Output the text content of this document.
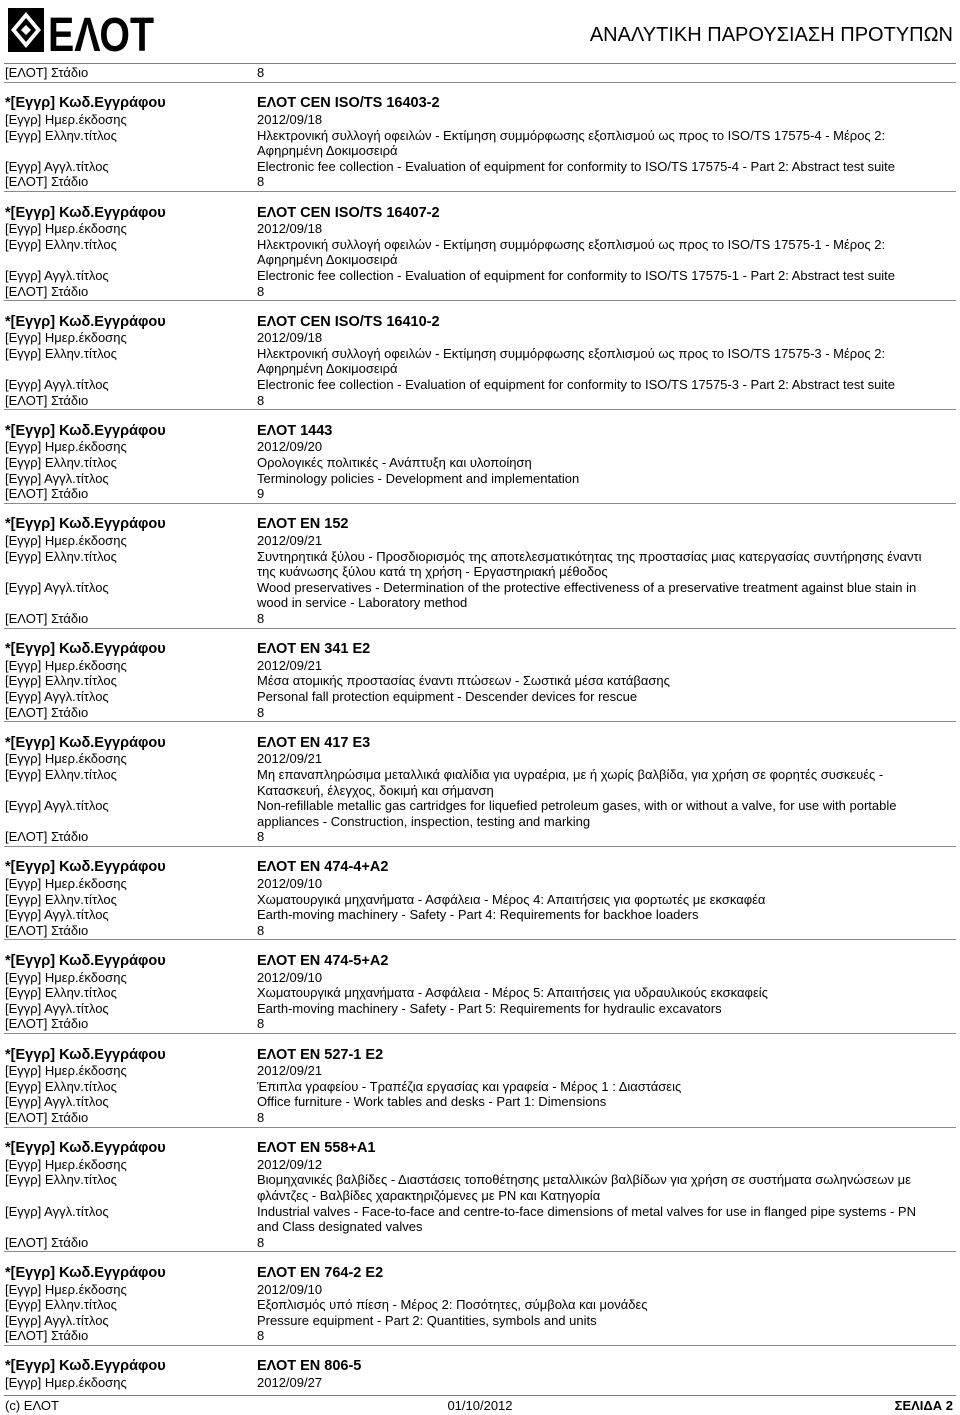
ΕΛΟΤ	ΑΝΑΛΥΤΙΚΗ ΠΑΡΟΥΣΙΑΣΗ ΠΡΟΤΥΠΩΝ
[ΕΛΟΤ] Στάδιο	8
*[Εγγρ] Κωδ.Εγγράφου	ΕΛΟΤ CEN ISO/TS 16403-2
[Εγγρ] Ημερ.έκδοσης	2012/09/18
[Εγγρ] Ελλην.τίτλος	Ηλεκτρονική συλλογή οφειλών - Εκτίμηση συμμόρφωσης εξοπλισμού ως προς το ISO/TS 17575-4 - Μέρος 2:
Αφηρημένη Δοκιμοσειρά
[Εγγρ] Αγγλ.τίτλος	Electronic fee collection - Evaluation of equipment for conformity to ISO/TS 17575-4 - Part 2: Abstract test suite
[ΕΛΟΤ] Στάδιο	8
*[Εγγρ] Κωδ.Εγγράφου	ΕΛΟΤ CEN ISO/TS 16407-2
[Εγγρ] Ημερ.έκδοσης	2012/09/18
[Εγγρ] Ελλην.τίτλος	Ηλεκτρονική συλλογή οφειλών - Εκτίμηση συμμόρφωσης εξοπλισμού ως προς το ISO/TS 17575-1 - Μέρος 2:
Αφηρημένη Δοκιμοσειρά
[Εγγρ] Αγγλ.τίτλος	Electronic fee collection - Evaluation of equipment for conformity to ISO/TS 17575-1 - Part 2: Abstract test suite
[ΕΛΟΤ] Στάδιο	8
*[Εγγρ] Κωδ.Εγγράφου	ΕΛΟΤ CEN ISO/TS 16410-2
[Εγγρ] Ημερ.έκδοσης	2012/09/18
[Εγγρ] Ελλην.τίτλος	Ηλεκτρονική συλλογή οφειλών - Εκτίμηση συμμόρφωσης εξοπλισμού ως προς το ISO/TS 17575-3 - Μέρος 2:
Αφηρημένη Δοκιμοσειρά
[Εγγρ] Αγγλ.τίτλος	Electronic fee collection - Evaluation of equipment for conformity to ISO/TS 17575-3 - Part 2: Abstract test suite
[ΕΛΟΤ] Στάδιο	8
*[Εγγρ] Κωδ.Εγγράφου	ΕΛΟΤ 1443
[Εγγρ] Ημερ.έκδοσης	2012/09/20
[Εγγρ] Ελλην.τίτλος	Ορολογικές πολιτικές - Ανάπτυξη και υλοποίηση
[Εγγρ] Αγγλ.τίτλος	Terminology policies - Development and implementation
[ΕΛΟΤ] Στάδιο	9
*[Εγγρ] Κωδ.Εγγράφου	ΕΛΟΤ EN 152
[Εγγρ] Ημερ.έκδοσης	2012/09/21
[Εγγρ] Ελλην.τίτλος	Συντηρητικά ξύλου - Προσδιορισμός της αποτελεσματικότητας της προστασίας μιας κατεργασίας συντήρησης έναντι
της κυάνωσης ξύλου κατά τη χρήση - Εργαστηριακή μέθοδος
[Εγγρ] Αγγλ.τίτλος	Wood preservatives - Determination of the protective effectiveness of a preservative treatment against blue stain in
wood in service - Laboratory method
[ΕΛΟΤ] Στάδιο	8
*[Εγγρ] Κωδ.Εγγράφου	ΕΛΟΤ EN 341 E2
[Εγγρ] Ημερ.έκδοσης	2012/09/21
[Εγγρ] Ελλην.τίτλος	Μέσα ατομικής προστασίας έναντι πτώσεων - Σωστικά μέσα κατάβασης
[Εγγρ] Αγγλ.τίτλος	Personal fall protection equipment - Descender devices for rescue
[ΕΛΟΤ] Στάδιο	8
*[Εγγρ] Κωδ.Εγγράφου	ΕΛΟΤ EN 417 E3
[Εγγρ] Ημερ.έκδοσης	2012/09/21
[Εγγρ] Ελλην.τίτλος	Μη επαναπληρώσιμα μεταλλικά φιαλίδια για υγραέρια, με ή χωρίς βαλβίδα, για χρήση σε φορητές συσκευές -
Κατασκευή, έλεγχος, δοκιμή και σήμανση
[Εγγρ] Αγγλ.τίτλος	Non-refillable metallic gas cartridges for liquefied petroleum gases, with or without a valve, for use with portable
appliances - Construction, inspection, testing and marking
[ΕΛΟΤ] Στάδιο	8
*[Εγγρ] Κωδ.Εγγράφου	ΕΛΟΤ EN 474-4+A2
[Εγγρ] Ημερ.έκδοσης	2012/09/10
[Εγγρ] Ελλην.τίτλος	Χωματουργικά μηχανήματα - Ασφάλεια - Μέρος 4: Απαιτήσεις για φορτωτές με εκσκαφέα
[Εγγρ] Αγγλ.τίτλος	Earth-moving machinery - Safety - Part 4: Requirements for backhoe loaders
[ΕΛΟΤ] Στάδιο	8
*[Εγγρ] Κωδ.Εγγράφου	ΕΛΟΤ EN 474-5+A2
[Εγγρ] Ημερ.έκδοσης	2012/09/10
[Εγγρ] Ελλην.τίτλος	Χωματουργικά μηχανήματα - Ασφάλεια - Μέρος 5: Απαιτήσεις για υδραυλικούς εκσκαφείς
[Εγγρ] Αγγλ.τίτλος	Earth-moving machinery - Safety - Part 5: Requirements for hydraulic excavators
[ΕΛΟΤ] Στάδιο	8
*[Εγγρ] Κωδ.Εγγράφου	ΕΛΟΤ EN 527-1 E2
[Εγγρ] Ημερ.έκδοσης	2012/09/21
[Εγγρ] Ελλην.τίτλος	Έπιπλα γραφείου - Τραπέζια εργασίας και γραφεία - Μέρος 1 : Διαστάσεις
[Εγγρ] Αγγλ.τίτλος	Office furniture - Work tables and desks - Part 1: Dimensions
[ΕΛΟΤ] Στάδιο	8
*[Εγγρ] Κωδ.Εγγράφου	ΕΛΟΤ EN 558+A1
[Εγγρ] Ημερ.έκδοσης	2012/09/12
[Εγγρ] Ελλην.τίτλος	Βιομηχανικές βαλβίδες - Διαστάσεις τοποθέτησης μεταλλικών βαλβίδων για χρήση σε συστήματα σωληνώσεων με
φλάντζες - Βαλβίδες χαρακτηριζόμενες με PN και Κατηγορία
[Εγγρ] Αγγλ.τίτλος	Industrial valves - Face-to-face and centre-to-face dimensions of metal valves for use in flanged pipe systems - PN
and Class designated valves
[ΕΛΟΤ] Στάδιο	8
*[Εγγρ] Κωδ.Εγγράφου	ΕΛΟΤ EN 764-2 E2
[Εγγρ] Ημερ.έκδοσης	2012/09/10
[Εγγρ] Ελλην.τίτλος	Εξοπλισμός υπό πίεση - Μέρος 2: Ποσότητες, σύμβολα και μονάδες
[Εγγρ] Αγγλ.τίτλος	Pressure equipment - Part 2: Quantities, symbols and units
[ΕΛΟΤ] Στάδιο	8
*[Εγγρ] Κωδ.Εγγράφου	ΕΛΟΤ EN 806-5
[Εγγρ] Ημερ.έκδοσης	2012/09/27
(c) ΕΛΟΤ	01/10/2012	ΣΕΛΙΔΑ 2
